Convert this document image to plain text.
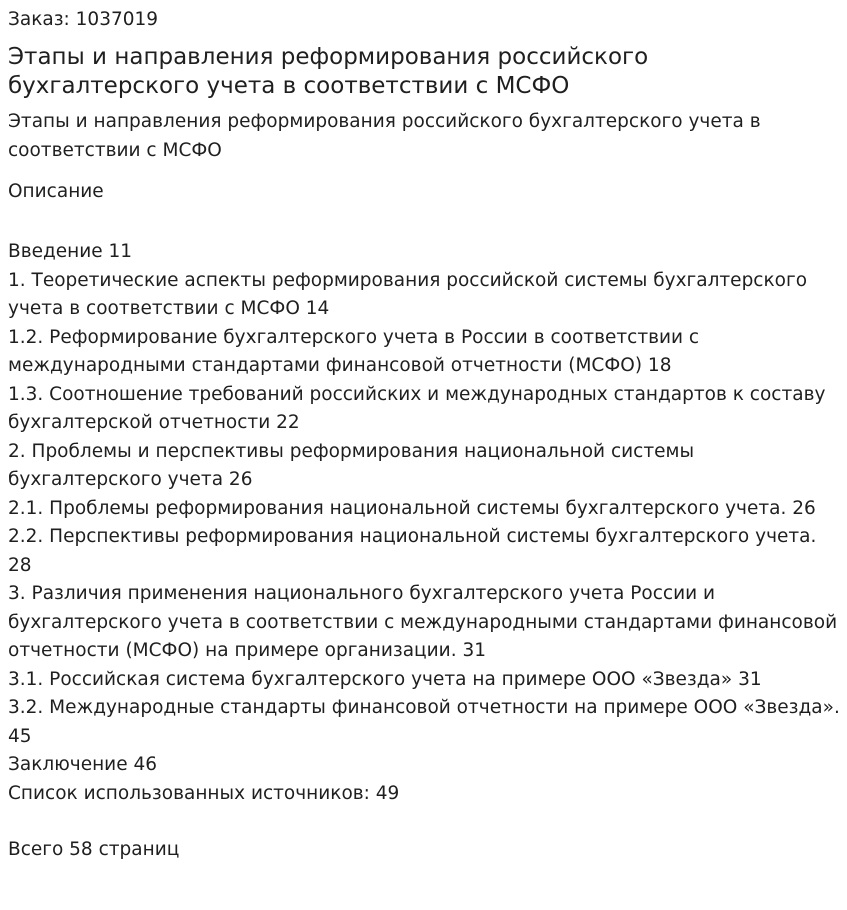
Заказ: 1037019

Этапы и направления реформирования российского бухгалтерского учета в соответствии с МСФО

Этапы и направления реформирования российского бухгалтерского учета в соответствии с МСФО

Описание

Введение 11
1. Теоретические аспекты реформирования российской системы бухгалтерского учета в соответствии с МСФО 14
1.2. Реформирование бухгалтерского учета в России в соответствии с международными стандартами финансовой отчетности (МСФО) 18
1.3. Соотношение требований российских и международных стандартов к составу бухгалтерской отчетности 22
2. Проблемы и перспективы реформирования национальной системы бухгалтерского учета 26
2.1. Проблемы реформирования национальной системы бухгалтерского учета. 26
2.2. Перспективы реформирования национальной системы бухгалтерского учета. 28
3. Различия применения национального бухгалтерского учета России и бухгалтерского учета в соответствии с международными стандартами финансовой отчетности (МСФО) на примере организации. 31
3.1. Российская система бухгалтерского учета на примере ООО «Звезда» 31
3.2. Международные стандарты финансовой отчетности на примере ООО «Звезда». 45
Заключение 46
Список использованных источников: 49

Всего 58 страниц
